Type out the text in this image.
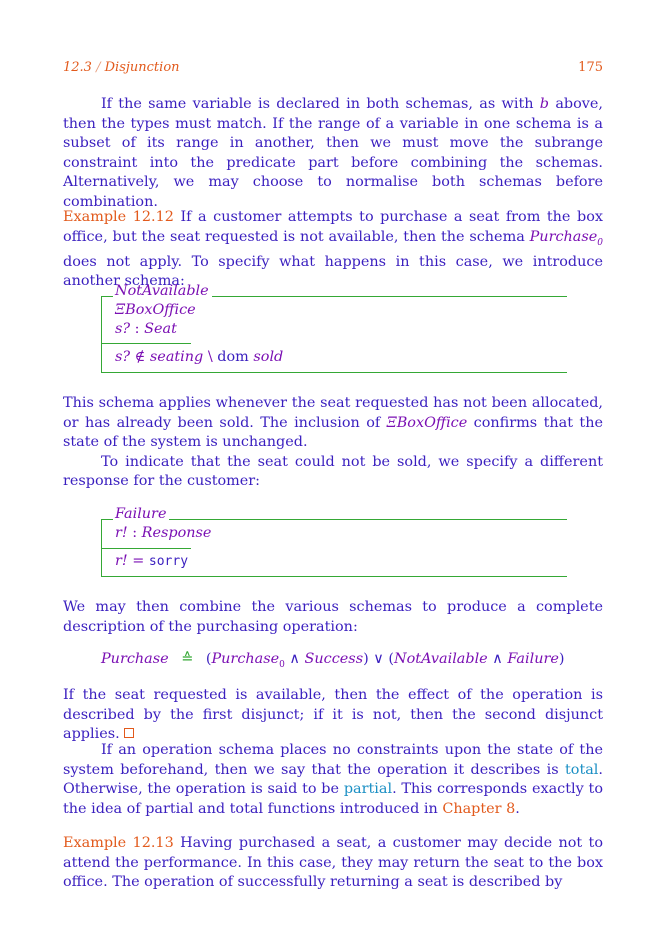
12.3 / Disjunction	175

If the same variable is declared in both schemas, as with b above, then the types must match. If the range of a variable in one schema is a subset of its range in another, then we must move the subrange constraint into the predicate part before combining the schemas. Alternatively, we may choose to normalise both schemas before combination.

Example 12.12 If a customer attempts to purchase a seat from the box office, but the seat requested is not available, then the schema Purchase$_0$ does not apply. To specify what happens in this case, we introduce another schema:

NotAvailable
ΞBoxOffice
s? : Seat
s? ∉ seating \ dom sold

This schema applies whenever the seat requested has not been allocated, or has already been sold. The inclusion of ΞBoxOffice confirms that the state of the system is unchanged.

To indicate that the seat could not be sold, we specify a different response for the customer:

Failure
r! : Response
r! = sorry

We may then combine the various schemas to produce a complete description of the purchasing operation:

Purchase ≙ (Purchase$_0$ ∧ Success) ∨ (NotAvailable ∧ Failure)

If the seat requested is available, then the effect of the operation is described by the first disjunct; if it is not, then the second disjunct applies.

If an operation schema places no constraints upon the state of the system beforehand, then we say that the operation it describes is total. Otherwise, the operation is said to be partial. This corresponds exactly to the idea of partial and total functions introduced in Chapter 8.

Example 12.13 Having purchased a seat, a customer may decide not to attend the performance. In this case, they may return the seat to the box office. The operation of successfully returning a seat is described by
